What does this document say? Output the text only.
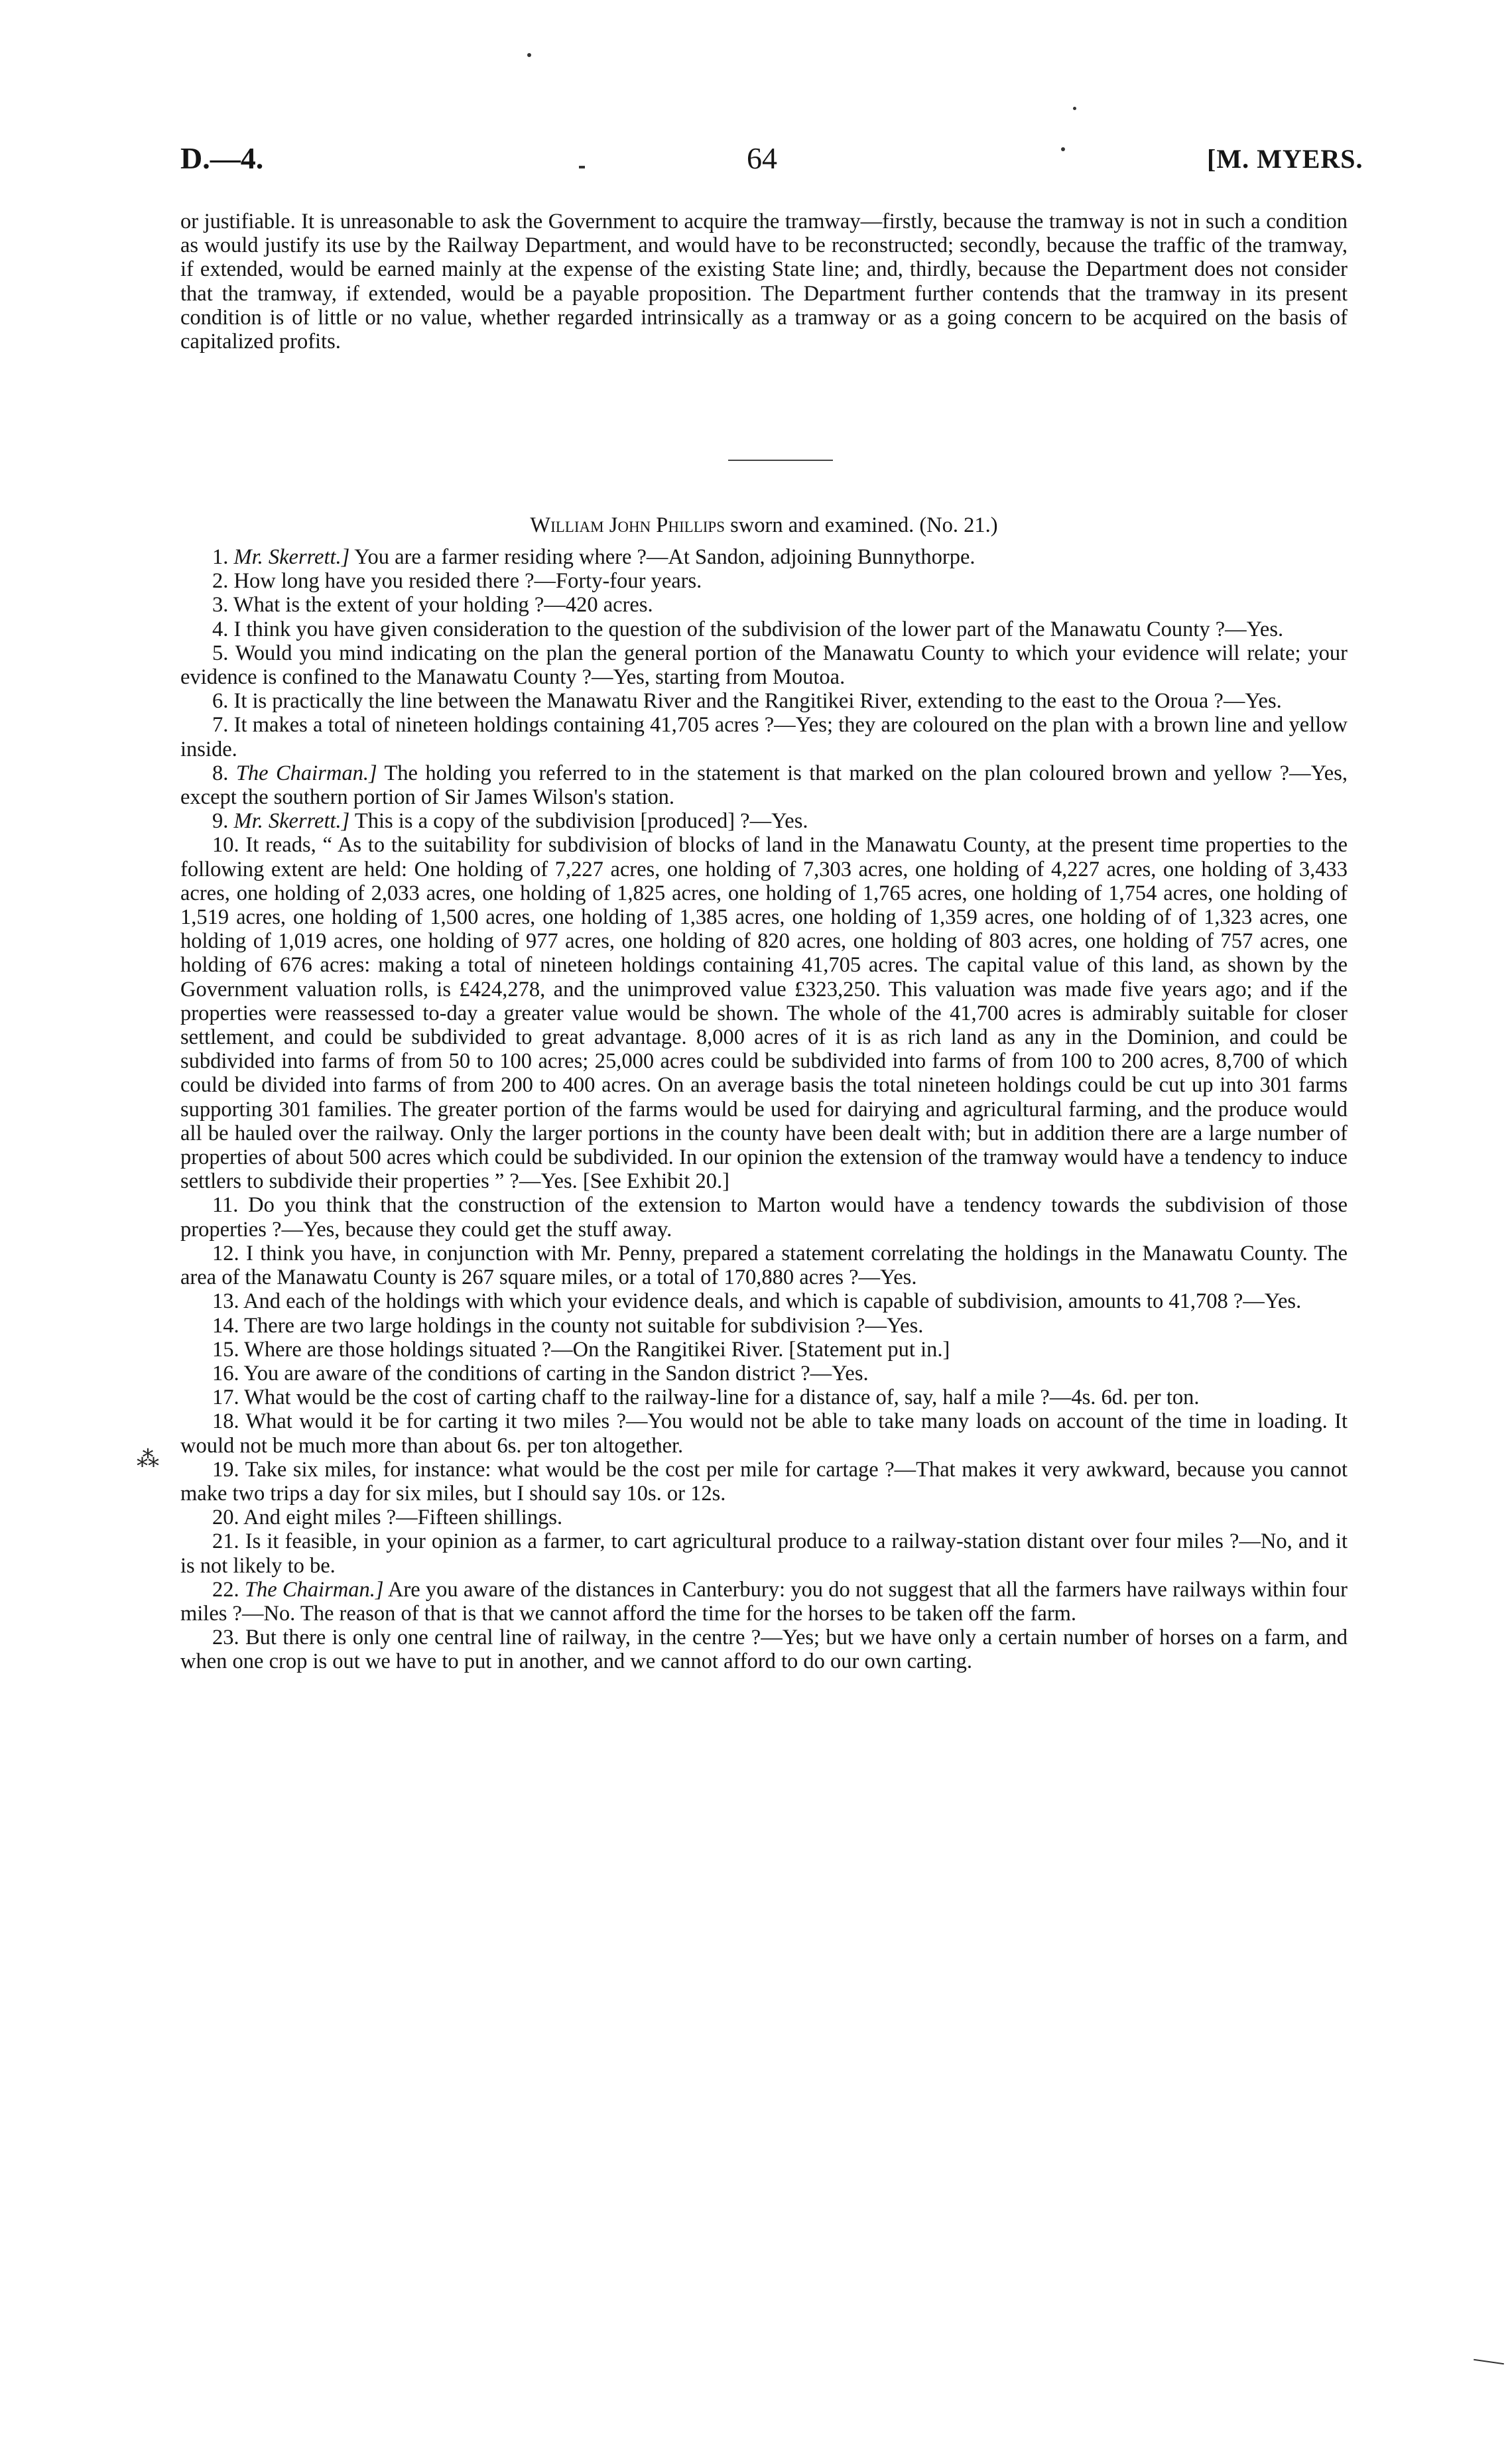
D.—4.	64	[M. MYERS.

or justifiable. It is unreasonable to ask the Government to acquire the tramway—firstly, because the tramway is not in such a condition as would justify its use by the Railway Department, and would have to be reconstructed; secondly, because the traffic of the tramway, if extended, would be earned mainly at the expense of the existing State line; and, thirdly, because the Department does not consider that the tramway, if extended, would be a payable proposition. The Department further contends that the tramway in its present condition is of little or no value, whether regarded intrinsically as a tramway or as a going concern to be acquired on the basis of capitalized profits.

William John Phillips sworn and examined. (No. 21.)

1. Mr. Skerrett.] You are a farmer residing where ?—At Sandon, adjoining Bunnythorpe.

2. How long have you resided there ?—Forty-four years.

3. What is the extent of your holding ?—420 acres.

4. I think you have given consideration to the question of the subdivision of the lower part of the Manawatu County ?—Yes.

5. Would you mind indicating on the plan the general portion of the Manawatu County to which your evidence will relate; your evidence is confined to the Manawatu County ?—Yes, starting from Moutoa.

6. It is practically the line between the Manawatu River and the Rangitikei River, extending to the east to the Oroua ?—Yes.

7. It makes a total of nineteen holdings containing 41,705 acres ?—Yes; they are coloured on the plan with a brown line and yellow inside.

8. The Chairman.] The holding you referred to in the statement is that marked on the plan coloured brown and yellow ?—Yes, except the southern portion of Sir James Wilson's station.

9. Mr. Skerrett.] This is a copy of the subdivision [produced] ?—Yes.

10. It reads, “ As to the suitability for subdivision of blocks of land in the Manawatu County, at the present time properties to the following extent are held: One holding of 7,227 acres, one holding of 7,303 acres, one holding of 4,227 acres, one holding of 3,433 acres, one holding of 2,033 acres, one holding of 1,825 acres, one holding of 1,765 acres, one holding of 1,754 acres, one holding of 1,519 acres, one holding of 1,500 acres, one holding of 1,385 acres, one holding of 1,359 acres, one holding of of 1,323 acres, one holding of 1,019 acres, one holding of 977 acres, one holding of 820 acres, one holding of 803 acres, one holding of 757 acres, one holding of 676 acres: making a total of nineteen holdings containing 41,705 acres. The capital value of this land, as shown by the Government valuation rolls, is £424,278, and the unimproved value £323,250. This valuation was made five years ago; and if the properties were reassessed to-day a greater value would be shown. The whole of the 41,700 acres is admirably suitable for closer settlement, and could be subdivided to great advantage. 8,000 acres of it is as rich land as any in the Dominion, and could be subdivided into farms of from 50 to 100 acres; 25,000 acres could be subdivided into farms of from 100 to 200 acres, 8,700 of which could be divided into farms of from 200 to 400 acres. On an average basis the total nineteen holdings could be cut up into 301 farms supporting 301 families. The greater portion of the farms would be used for dairying and agricultural farming, and the produce would all be hauled over the railway. Only the larger portions in the county have been dealt with; but in addition there are a large number of properties of about 500 acres which could be subdivided. In our opinion the extension of the tramway would have a tendency to induce settlers to subdivide their properties ” ?—Yes. [See Exhibit 20.]

11. Do you think that the construction of the extension to Marton would have a tendency towards the subdivision of those properties ?—Yes, because they could get the stuff away.

12. I think you have, in conjunction with Mr. Penny, prepared a statement correlating the holdings in the Manawatu County. The area of the Manawatu County is 267 square miles, or a total of 170,880 acres ?—Yes.

13. And each of the holdings with which your evidence deals, and which is capable of subdivision, amounts to 41,708 ?—Yes.

14. There are two large holdings in the county not suitable for subdivision ?—Yes.

15. Where are those holdings situated ?—On the Rangitikei River. [Statement put in.]

16. You are aware of the conditions of carting in the Sandon district ?—Yes.

17. What would be the cost of carting chaff to the railway-line for a distance of, say, half a mile ?—4s. 6d. per ton.

18. What would it be for carting it two miles ?—You would not be able to take many loads on account of the time in loading. It would not be much more than about 6s. per ton altogether.

19. Take six miles, for instance: what would be the cost per mile for cartage ?—That makes it very awkward, because you cannot make two trips a day for six miles, but I should say 10s. or 12s.

20. And eight miles ?—Fifteen shillings.

21. Is it feasible, in your opinion as a farmer, to cart agricultural produce to a railway-station distant over four miles ?—No, and it is not likely to be.

22. The Chairman.] Are you aware of the distances in Canterbury: you do not suggest that all the farmers have railways within four miles ?—No. The reason of that is that we cannot afford the time for the horses to be taken off the farm.

23. But there is only one central line of railway, in the centre ?—Yes; but we have only a certain number of horses on a farm, and when one crop is out we have to put in another, and we cannot afford to do our own carting.

⁂
